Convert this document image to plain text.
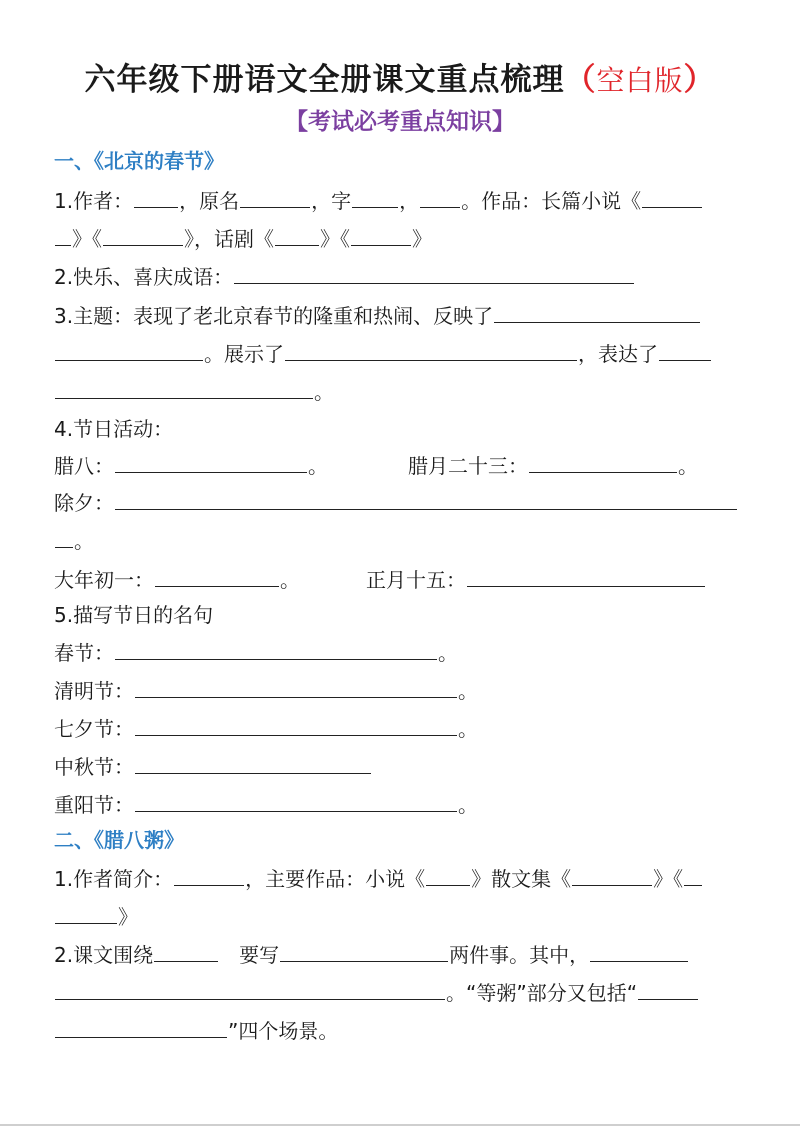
六年级下册语文全册课文重点梳理（空白版）
【考试必考重点知识】
一、《北京的春节》
1.作者： ，原名	，字 ， 。作品：长篇小说《
》《	》，话剧《 》《	》
2.快乐、喜庆成语：
3.主题：表现了老北京春节的隆重和热闹、反映了
。展示了	，表达了
。
4.节日活动：
腊八：	。	腊月二十三：	。
除夕：
。
大年初一：	。	正月十五：
5.描写节日的名句
春节：	。
清明节：	。
七夕节：	。
中秋节：
重阳节：	。
二、《腊八粥》
1.作者简介：	，主要作品：小说《 》散文集《	》《
》
2.课文围绕	要写	两件事。其中，
。“等粥”部分又包括“
”四个场景。
